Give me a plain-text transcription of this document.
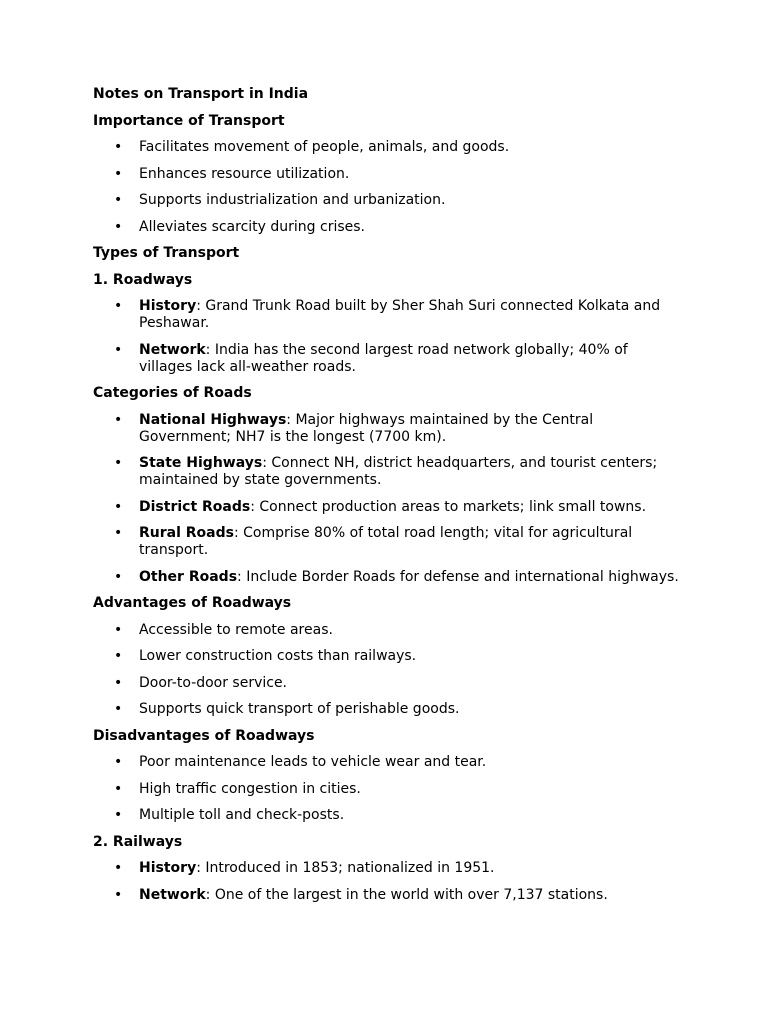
Notes on Transport in India
Importance of Transport
• Facilitates movement of people, animals, and goods.
• Enhances resource utilization.
• Supports industrialization and urbanization.
• Alleviates scarcity during crises.
Types of Transport
1. Roadways
• History: Grand Trunk Road built by Sher Shah Suri connected Kolkata and Peshawar.
• Network: India has the second largest road network globally; 40% of villages lack all-weather roads.
Categories of Roads
• National Highways: Major highways maintained by the Central Government; NH7 is the longest (7700 km).
• State Highways: Connect NH, district headquarters, and tourist centers; maintained by state governments.
• District Roads: Connect production areas to markets; link small towns.
• Rural Roads: Comprise 80% of total road length; vital for agricultural transport.
• Other Roads: Include Border Roads for defense and international highways.
Advantages of Roadways
• Accessible to remote areas.
• Lower construction costs than railways.
• Door-to-door service.
• Supports quick transport of perishable goods.
Disadvantages of Roadways
• Poor maintenance leads to vehicle wear and tear.
• High traffic congestion in cities.
• Multiple toll and check-posts.
2. Railways
• History: Introduced in 1853; nationalized in 1951.
• Network: One of the largest in the world with over 7,137 stations.
